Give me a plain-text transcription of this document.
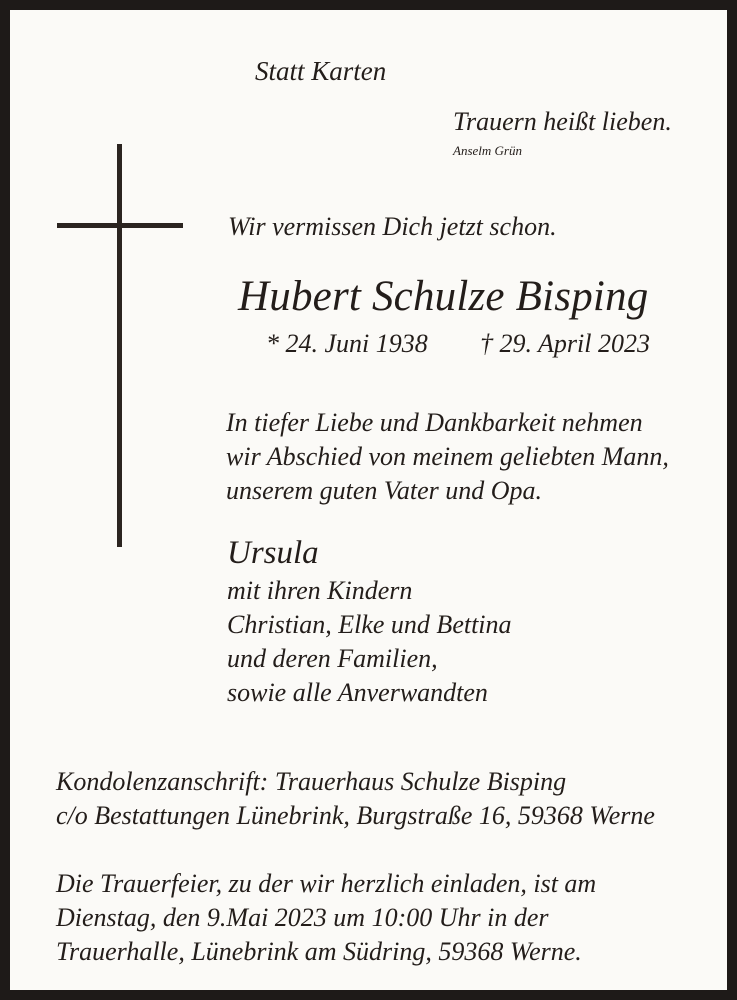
Statt Karten
Trauern heißt lieben.
Anselm Grün
Wir vermissen Dich jetzt schon.
Hubert Schulze Bisping
* 24. Juni 1938 † 29. April 2023
In tiefer Liebe und Dankbarkeit nehmen
wir Abschied von meinem geliebten Mann,
unserem guten Vater und Opa.
Ursula
mit ihren Kindern
Christian, Elke und Bettina
und deren Familien,
sowie alle Anverwandten
Kondolenzanschrift: Trauerhaus Schulze Bisping
c/o Bestattungen Lünebrink, Burgstraße 16, 59368 Werne
Die Trauerfeier, zu der wir herzlich einladen, ist am
Dienstag, den 9.Mai 2023 um 10:00 Uhr in der
Trauerhalle, Lünebrink am Südring, 59368 Werne.
